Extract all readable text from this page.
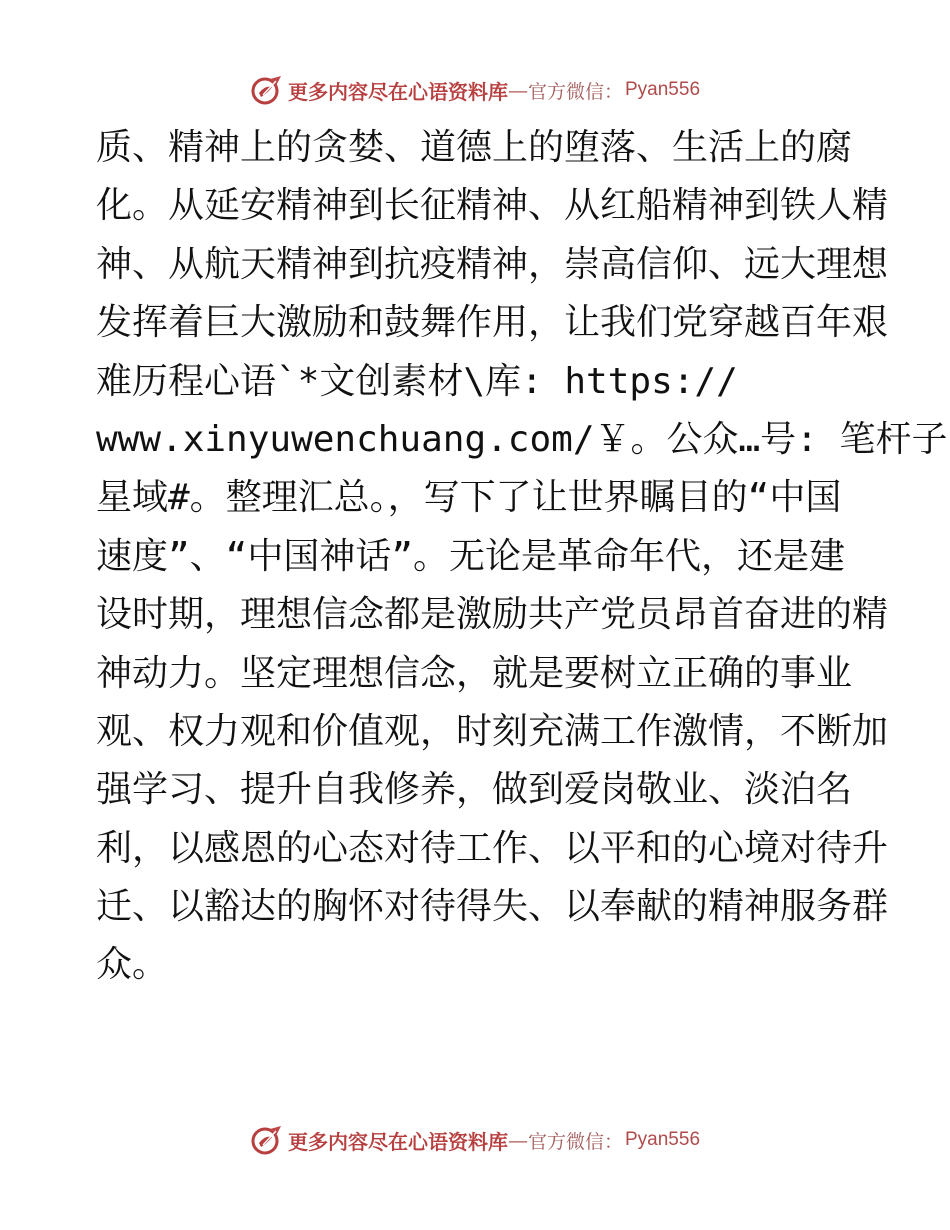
更多内容尽在心语资料库 — 官方微信： Pyan556
质、精神上的贪婪、道德上的堕落、生活上的腐
化。从延安精神到长征精神、从红船精神到铁人精
神、从航天精神到抗疫精神，崇高信仰、远大理想
发挥着巨大激励和鼓舞作用，让我们党穿越百年艰
难历程心语`*文创素材\库: https://
www.xinyuwenchuang.com/￥。公众…号: 笔杆子
星域#。整理汇总。，写下了让世界瞩目的“中国
速度”、“中国神话”。无论是革命年代，还是建
设时期，理想信念都是激励共产党员昂首奋进的精
神动力。坚定理想信念，就是要树立正确的事业
观、权力观和价值观，时刻充满工作激情，不断加
强学习、提升自我修养，做到爱岗敬业、淡泊名
利，以感恩的心态对待工作、以平和的心境对待升
迁、以豁达的胸怀对待得失、以奉献的精神服务群
众。
更多内容尽在心语资料库 — 官方微信： Pyan556
